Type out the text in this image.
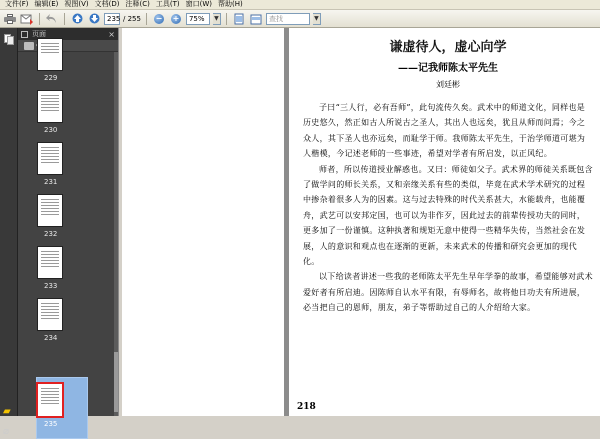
文件(F) 编辑(E) 视图(V) 文档(D) 注释(C) 工具(T) 窗口(W) 帮助(H)
235 / 255 − +	75%	▼	查找	▼
▰
⌀
页面	×
229
230
231
232
233
234
235
谦虚待人，虚心向学
——记我师陈太平先生
刘廷彬

子曰“三人行，必有吾师”，此句流传久矣。武术中的师道文化，同样也是历史悠久，然正如古人所说古之圣人，其出人也远矣，犹且从师而问焉；今之众人，其下圣人也亦远矣，而耻学于师。我师陈太平先生，于治学师道可堪为人楷模，今记述老师的一些事迹，希望对学者有所启发，以正风纪。

师者，所以传道授业解惑也。又曰：师徒如父子。武术界的师徒关系既包含了做学问的师长关系，又和亲缘关系有些的类似，毕竟在武术学术研究的过程中掺杂着很多人为的因素。这与过去特殊的时代关系甚大，水能载舟，也能覆舟，武艺可以安邦定国，也可以为非作歹，因此过去的前辈传授功夫的同时，更多加了一份谨慎。这种执著和规矩无意中使得一些精华失传，当然社会在发展，人的意识和观点也在逐渐的更新，未来武术的传播和研究会更加的现代化。

以下给读者讲述一些我的老师陈太平先生早年学拳的故事，希望能够对武术爱好者有所启迪。因陈师自认水平有限，有辱师名，故将他日功夫有所进展，必当把自己的恩师，朋友，弟子等帮助过自己的人介绍给大家。

218
